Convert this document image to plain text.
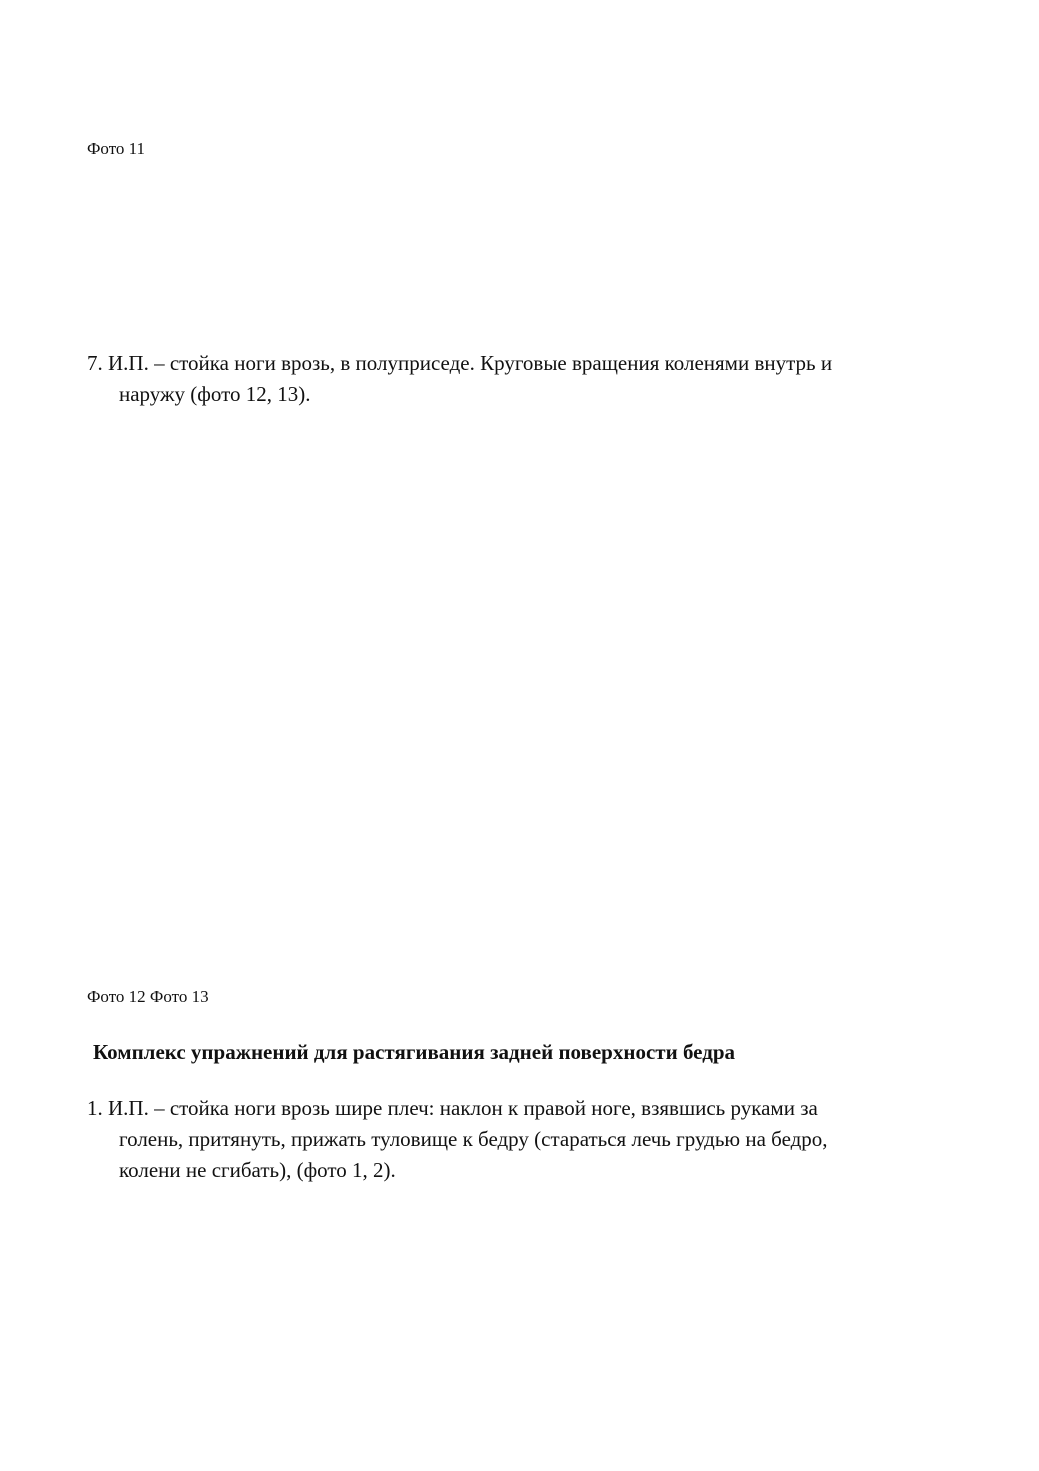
Фото 11
7. И.П. – стойка ноги врозь, в полуприседе. Круговые вращения коленями внутрь и
наружу (фото 12, 13).
Фото 12 Фото 13
Комплекс упражнений для растягивания задней поверхности бедра
1. И.П. – стойка ноги врозь шире плеч: наклон к правой ноге, взявшись руками за
голень, притянуть, прижать туловище к бедру (стараться лечь грудью на бедро,
колени не сгибать), (фото 1, 2).
